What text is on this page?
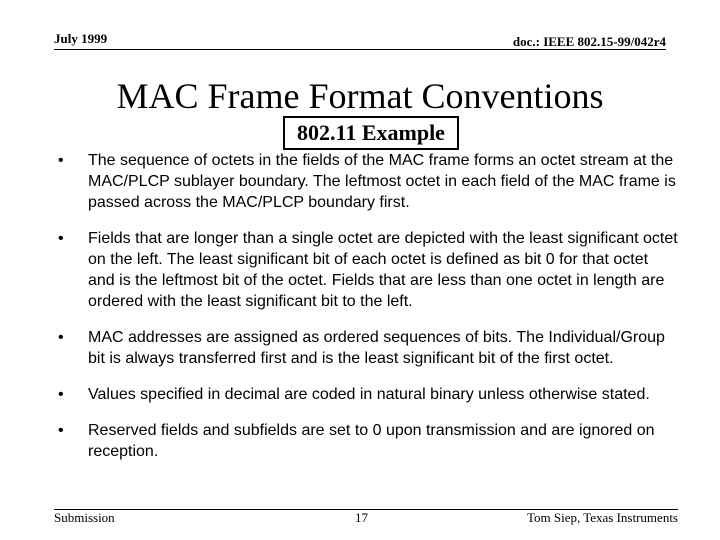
July 1999	doc.: IEEE 802.15-99/042r4
MAC Frame Format Conventions
• The sequence of octets in the fields of the MAC frame forms an octet stream at the MAC/PLCP sublayer boundary. The leftmost octet in each field of the MAC frame is passed across the MAC/PLCP boundary first.
• Fields that are longer than a single octet are depicted with the least significant octet on the left. The least significant bit of each octet is defined as bit 0 for that octet and is the leftmost bit of the octet. Fields that are less than one octet in length are ordered with the least significant bit to the left.
• MAC addresses are assigned as ordered sequences of bits. The Individual/Group bit is always transferred first and is the least significant bit of the first octet.
• Values specified in decimal are coded in natural binary unless otherwise stated.
• Reserved fields and subfields are set to 0 upon transmission and are ignored on reception.
802.11 Example
Submission	17	Tom Siep, Texas Instruments
